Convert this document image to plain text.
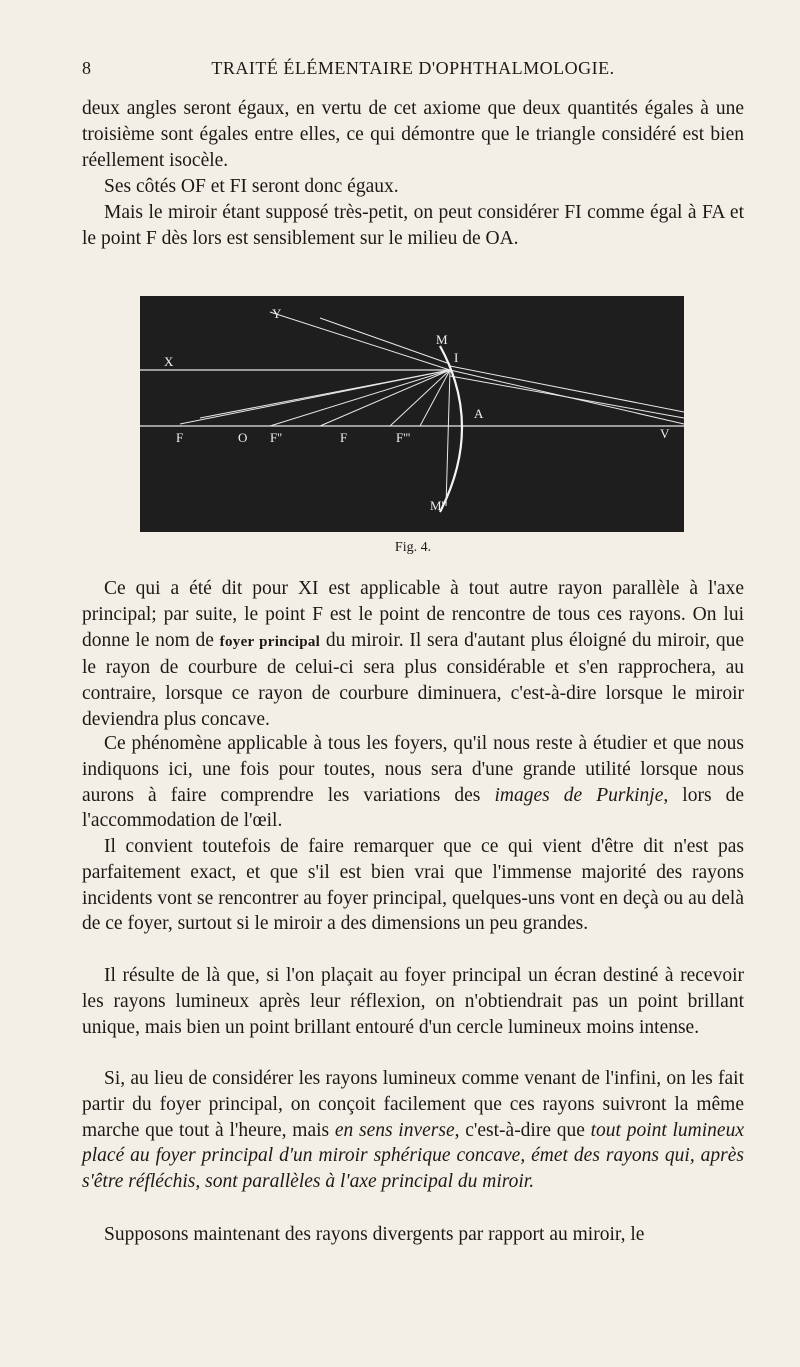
8	TRAITÉ ÉLÉMENTAIRE D'OPHTHALMOLOGIE.

deux angles seront égaux, en vertu de cet axiome que deux quantités égales à une troisième sont égales entre elles, ce qui démontre que le triangle considéré est bien réellement isocèle.

Ses côtés OF et FI seront donc égaux.

Mais le miroir étant supposé très-petit, on peut considérer FI comme égal à FA et le point F dès lors est sensiblement sur le milieu de OA.

Y
M
X	I
F	O F''	F	F'''
A
V
M'
Fig. 4.

Ce qui a été dit pour XI est applicable à tout autre rayon parallèle à l'axe principal; par suite, le point F est le point de rencontre de tous ces rayons. On lui donne le nom de foyer principal du miroir. Il sera d'autant plus éloigné du miroir, que le rayon de courbure de celui-ci sera plus considérable et s'en rapprochera, au contraire, lorsque ce rayon de courbure diminuera, c'est-à-dire lorsque le miroir deviendra plus concave.

Ce phénomène applicable à tous les foyers, qu'il nous reste à étudier et que nous indiquons ici, une fois pour toutes, nous sera d'une grande utilité lorsque nous aurons à faire comprendre les variations des images de Purkinje, lors de l'accommodation de l'œil.

Il convient toutefois de faire remarquer que ce qui vient d'être dit n'est pas parfaitement exact, et que s'il est bien vrai que l'immense majorité des rayons incidents vont se rencontrer au foyer principal, quelques-uns vont en deçà ou au delà de ce foyer, surtout si le miroir a des dimensions un peu grandes.

Il résulte de là que, si l'on plaçait au foyer principal un écran destiné à recevoir les rayons lumineux après leur réflexion, on n'obtiendrait pas un point brillant unique, mais bien un point brillant entouré d'un cercle lumineux moins intense.

Si, au lieu de considérer les rayons lumineux comme venant de l'infini, on les fait partir du foyer principal, on conçoit facilement que ces rayons suivront la même marche que tout à l'heure, mais en sens inverse, c'est-à-dire que tout point lumineux placé au foyer principal d'un miroir sphérique concave, émet des rayons qui, après s'être réfléchis, sont parallèles à l'axe principal du miroir.

Supposons maintenant des rayons divergents par rapport au miroir, le
